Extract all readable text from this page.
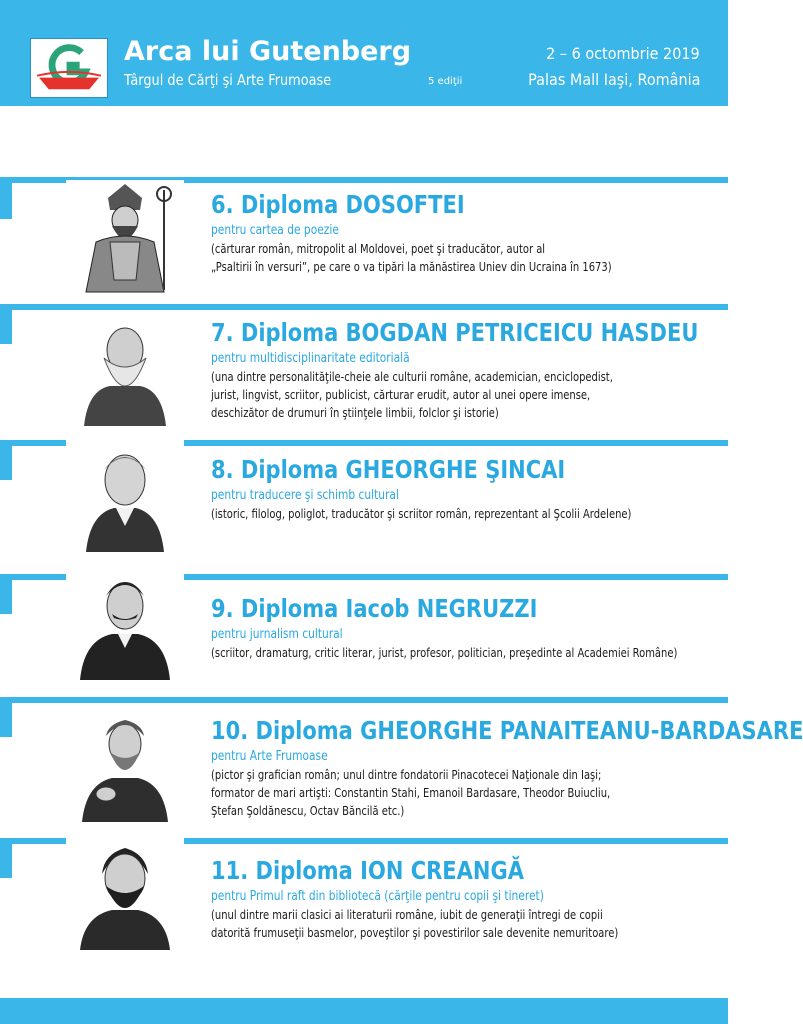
Arca lui Gutenberg
Târgul de Cărţi şi Arte Frumoase	5 ediţii
2 – 6 octombrie 2019
Palas Mall Iaşi, România
6. Diploma DOSOFTEI
pentru cartea de poezie
(cărturar român, mitropolit al Moldovei, poet şi traducător, autor al
„Psaltirii în versuri”, pe care o va tipări la mănăstirea Uniev din Ucraina în 1673)
7. Diploma BOGDAN PETRICEICU HASDEU
pentru multidisciplinaritate editorială
(una dintre personalităţile-cheie ale culturii române, academician, enciclopedist,
jurist, lingvist, scriitor, publicist, cărturar erudit, autor al unei opere imense,
deschizător de drumuri în ştiinţele limbii, folclor şi istorie)
8. Diploma GHEORGHE ŞINCAI
pentru traducere şi schimb cultural
(istoric, filolog, poliglot, traducător şi scriitor român, reprezentant al Şcolii Ardelene)
9. Diploma Iacob NEGRUZZI
pentru jurnalism cultural
(scriitor, dramaturg, critic literar, jurist, profesor, politician, preşedinte al Academiei Române)
10. Diploma GHEORGHE PANAITEANU-BARDASARE
pentru Arte Frumoase
(pictor şi grafician român; unul dintre fondatorii Pinacotecei Naţionale din Iaşi;
formator de mari artişti: Constantin Stahi, Emanoil Bardasare, Theodor Buiucliu,
Ştefan Şoldănescu, Octav Băncilă etc.)
11. Diploma ION CREANGĂ
pentru Primul raft din bibliotecă (cărţile pentru copii şi tineret)
(unul dintre marii clasici ai literaturii române, iubit de generaţii întregi de copii
datorită frumuseţii basmelor, poveştilor şi povestirilor sale devenite nemuritoare)
